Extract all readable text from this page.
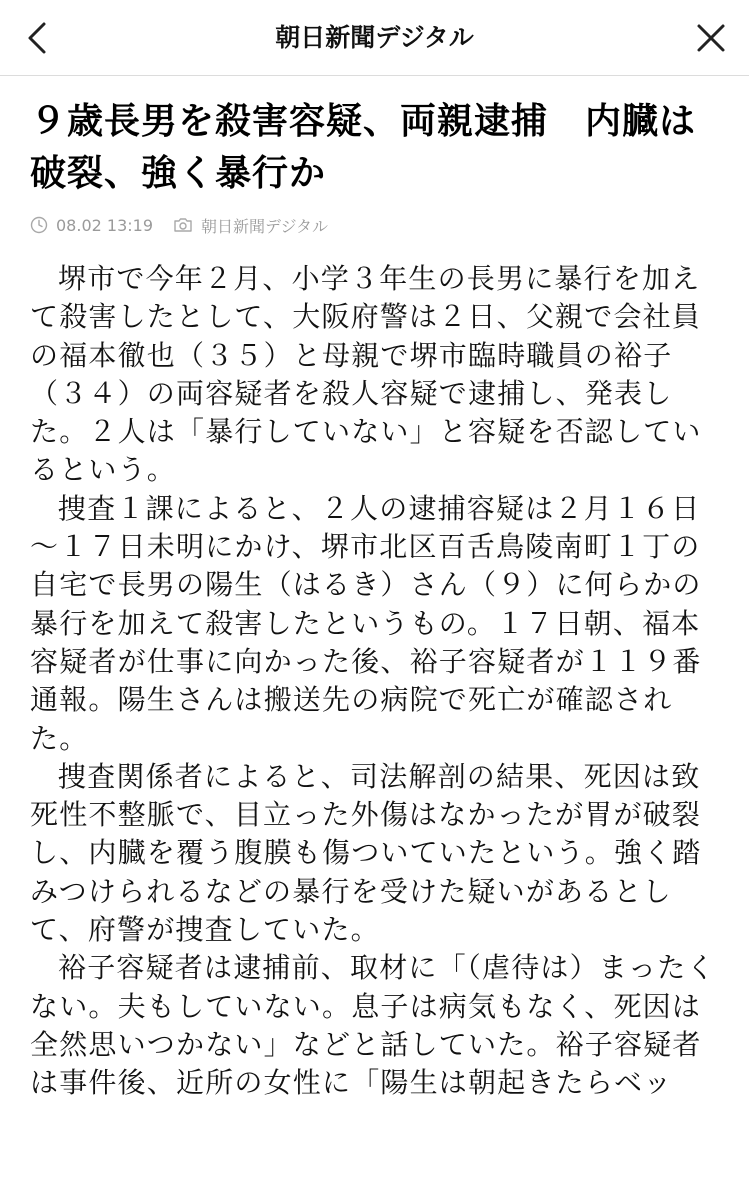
朝日新聞デジタル
９歳長男を殺害容疑、両親逮捕　内臓は破裂、強く暴行か
08.02 13:19	朝日新聞デジタル

堺市で今年２月、小学３年生の長男に暴行を加えて殺害したとして、大阪府警は２日、父親で会社員の福本徹也（３５）と母親で堺市臨時職員の裕子（３４）の両容疑者を殺人容疑で逮捕し、発表した。２人は「暴行していない」と容疑を否認しているという。

捜査１課によると、２人の逮捕容疑は２月１６日～１７日未明にかけ、堺市北区百舌鳥陵南町１丁の自宅で長男の陽生（はるき）さん（９）に何らかの暴行を加えて殺害したというもの。１７日朝、福本容疑者が仕事に向かった後、裕子容疑者が１１９番通報。陽生さんは搬送先の病院で死亡が確認された。

捜査関係者によると、司法解剖の結果、死因は致死性不整脈で、目立った外傷はなかったが胃が破裂し、内臓を覆う腹膜も傷ついていたという。強く踏みつけられるなどの暴行を受けた疑いがあるとして、府警が捜査していた。

裕子容疑者は逮捕前、取材に「（虐待は）まったくない。夫もしていない。息子は病気もなく、死因は全然思いつかない」などと話していた。裕子容疑者は事件後、近所の女性に「陽生は朝起きたらベッ
